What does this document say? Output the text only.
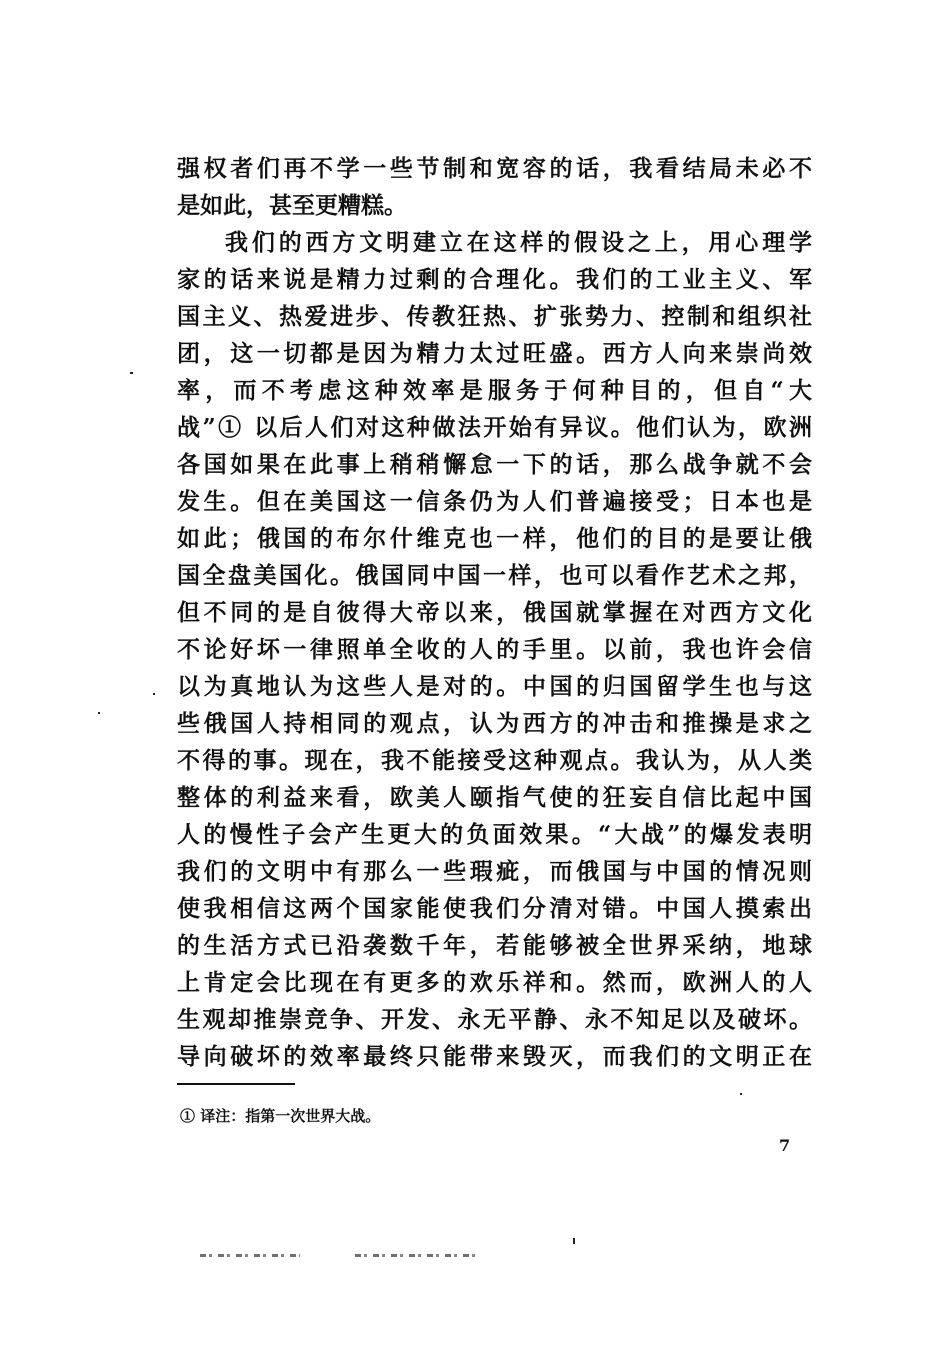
强权者们再不学一些节制和宽容的话，我看结局未必不
是如此，甚至更糟糕。
我们的西方文明建立在这样的假设之上，用心理学
家的话来说是精力过剩的合理化。我们的工业主义、军
国主义、热爱进步、传教狂热、扩张势力、控制和组织社
团，这一切都是因为精力太过旺盛。西方人向来崇尚效
率，而不考虑这种效率是服务于何种目的，但自“大
战”① 以后人们对这种做法开始有异议。他们认为，欧洲
各国如果在此事上稍稍懈怠一下的话，那么战争就不会
发生。但在美国这一信条仍为人们普遍接受；日本也是
如此；俄国的布尔什维克也一样，他们的目的是要让俄
国全盘美国化。俄国同中国一样，也可以看作艺术之邦，
但不同的是自彼得大帝以来，俄国就掌握在对西方文化
不论好坏一律照单全收的人的手里。以前，我也许会信
以为真地认为这些人是对的。中国的归国留学生也与这
些俄国人持相同的观点，认为西方的冲击和推操是求之
不得的事。现在，我不能接受这种观点。我认为，从人类
整体的利益来看，欧美人颐指气使的狂妄自信比起中国
人的慢性子会产生更大的负面效果。“大战”的爆发表明
我们的文明中有那么一些瑕疵，而俄国与中国的情况则
使我相信这两个国家能使我们分清对错。中国人摸索出
的生活方式已沿袭数千年，若能够被全世界采纳，地球
上肯定会比现在有更多的欢乐祥和。然而，欧洲人的人
生观却推崇竞争、开发、永无平静、永不知足以及破坏。
导向破坏的效率最终只能带来毁灭，而我们的文明正在
① 译注：指第一次世界大战。
7
